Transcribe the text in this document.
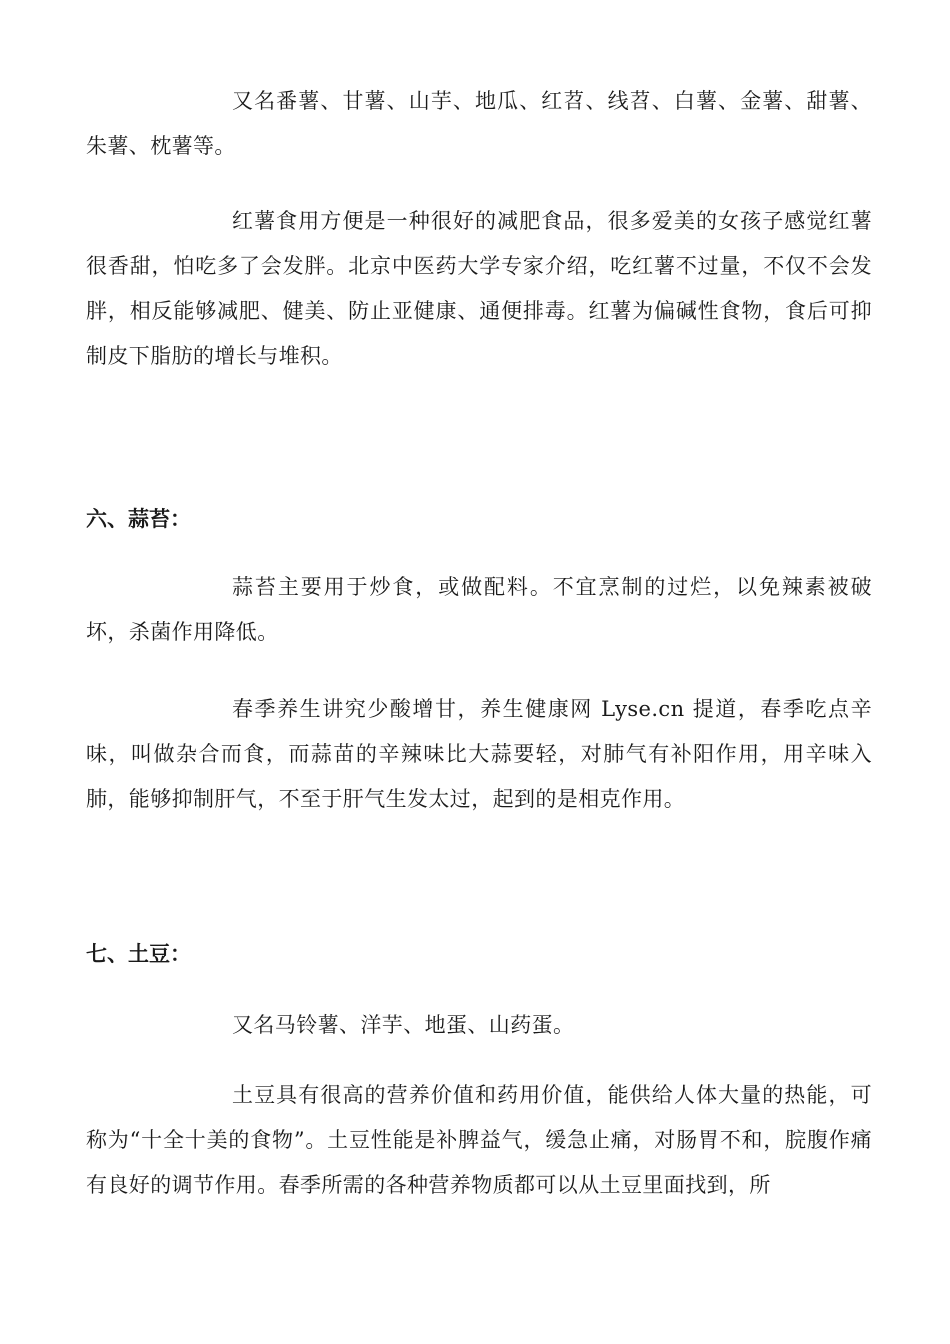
又名番薯、甘薯、山芋、地瓜、红苕、线苕、白薯、金薯、甜薯、朱薯、枕薯等。

红薯食用方便是一种很好的减肥食品，很多爱美的女孩子感觉红薯很香甜，怕吃多了会发胖。北京中医药大学专家介绍，吃红薯不过量，不仅不会发胖，相反能够减肥、健美、防止亚健康、通便排毒。红薯为偏碱性食物，食后可抑制皮下脂肪的增长与堆积。

六、蒜苔：

蒜苔主要用于炒食，或做配料。不宜烹制的过烂，以免辣素被破坏，杀菌作用降低。

春季养生讲究少酸增甘，养生健康网 Lyse.cn 提道，春季吃点辛味，叫做杂合而食，而蒜苗的辛辣味比大蒜要轻，对肺气有补阳作用，用辛味入肺，能够抑制肝气，不至于肝气生发太过，起到的是相克作用。

七、土豆：

又名马铃薯、洋芋、地蛋、山药蛋。

土豆具有很高的营养价值和药用价值，能供给人体大量的热能，可称为“十全十美的食物”。土豆性能是补脾益气，缓急止痛，对肠胃不和，脘腹作痛有良好的调节作用。春季所需的各种营养物质都可以从土豆里面找到，所
